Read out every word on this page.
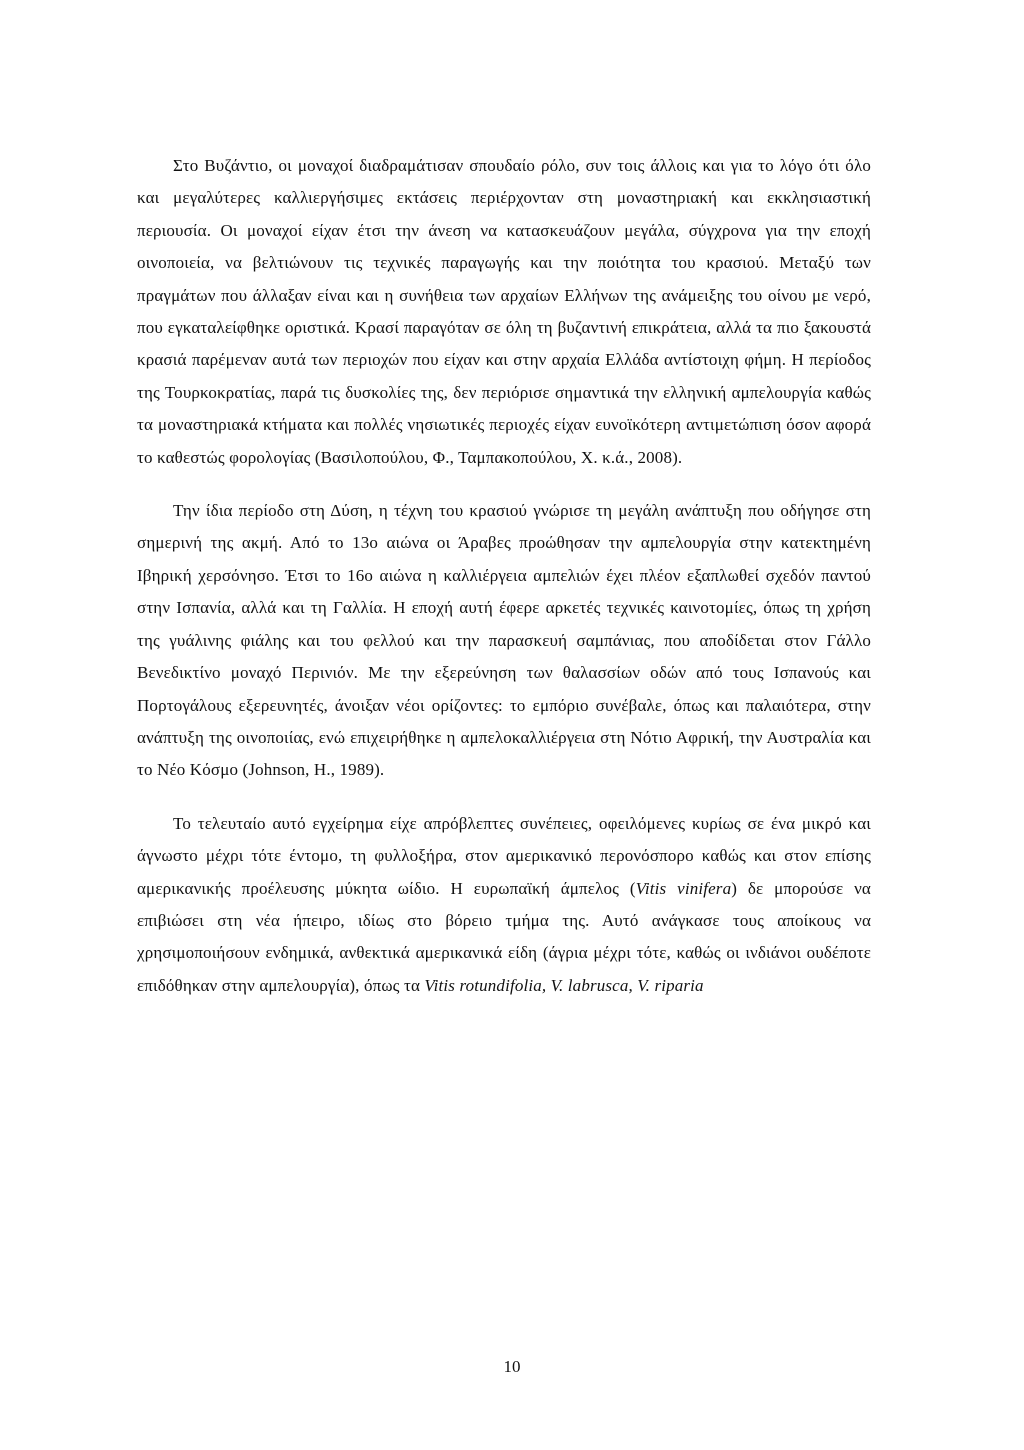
Στο Βυζάντιο, οι μοναχοί διαδραμάτισαν σπουδαίο ρόλο, συν τοις άλλοις και για το λόγο ότι όλο και μεγαλύτερες καλλιεργήσιμες εκτάσεις περιέρχονταν στη μοναστηριακή και εκκλησιαστική περιουσία. Οι μοναχοί είχαν έτσι την άνεση να κατασκευάζουν μεγάλα, σύγχρονα για την εποχή οινοποιεία, να βελτιώνουν τις τεχνικές παραγωγής και την ποιότητα του κρασιού. Μεταξύ των πραγμάτων που άλλαξαν είναι και η συνήθεια των αρχαίων Ελλήνων της ανάμειξης του οίνου με νερό, που εγκαταλείφθηκε οριστικά. Κρασί παραγόταν σε όλη τη βυζαντινή επικράτεια, αλλά τα πιο ξακουστά κρασιά παρέμεναν αυτά των περιοχών που είχαν και στην αρχαία Ελλάδα αντίστοιχη φήμη. Η περίοδος της Τουρκοκρατίας, παρά τις δυσκολίες της, δεν περιόρισε σημαντικά την ελληνική αμπελουργία καθώς τα μοναστηριακά κτήματα και πολλές νησιωτικές περιοχές είχαν ευνοϊκότερη αντιμετώπιση όσον αφορά το καθεστώς φορολογίας (Βασιλοπούλου, Φ., Ταμπακοπούλου, Χ. κ.ά., 2008).

Την ίδια περίοδο στη Δύση, η τέχνη του κρασιού γνώρισε τη μεγάλη ανάπτυξη που οδήγησε στη σημερινή της ακμή. Από το 13ο αιώνα οι Άραβες προώθησαν την αμπελουργία στην κατεκτημένη Ιβηρική χερσόνησο. Έτσι το 16ο αιώνα η καλλιέργεια αμπελιών έχει πλέον εξαπλωθεί σχεδόν παντού στην Ισπανία, αλλά και τη Γαλλία. Η εποχή αυτή έφερε αρκετές τεχνικές καινοτομίες, όπως τη χρήση της γυάλινης φιάλης και του φελλού και την παρασκευή σαμπάνιας, που αποδίδεται στον Γάλλο Βενεδικτίνο μοναχό Περινιόν. Με την εξερεύνηση των θαλασσίων οδών από τους Ισπανούς και Πορτογάλους εξερευνητές, άνοιξαν νέοι ορίζοντες: το εμπόριο συνέβαλε, όπως και παλαιότερα, στην ανάπτυξη της οινοποιίας, ενώ επιχειρήθηκε η αμπελοκαλλιέργεια στη Νότιο Αφρική, την Αυστραλία και το Νέο Κόσμο (Johnson, Η., 1989).

Το τελευταίο αυτό εγχείρημα είχε απρόβλεπτες συνέπειες, οφειλόμενες κυρίως σε ένα μικρό και άγνωστο μέχρι τότε έντομο, τη φυλλοξήρα, στον αμερικανικό περονόσπορο καθώς και στον επίσης αμερικανικής προέλευσης μύκητα ωίδιο. Η ευρωπαϊκή άμπελος (Vitis vinifera) δε μπορούσε να επιβιώσει στη νέα ήπειρο, ιδίως στο βόρειο τμήμα της. Αυτό ανάγκασε τους αποίκους να χρησιμοποιήσουν ενδημικά, ανθεκτικά αμερικανικά είδη (άγρια μέχρι τότε, καθώς οι ινδιάνοι ουδέποτε επιδόθηκαν στην αμπελουργία), όπως τα Vitis rotundifolia, V. labrusca, V. riparia

10
